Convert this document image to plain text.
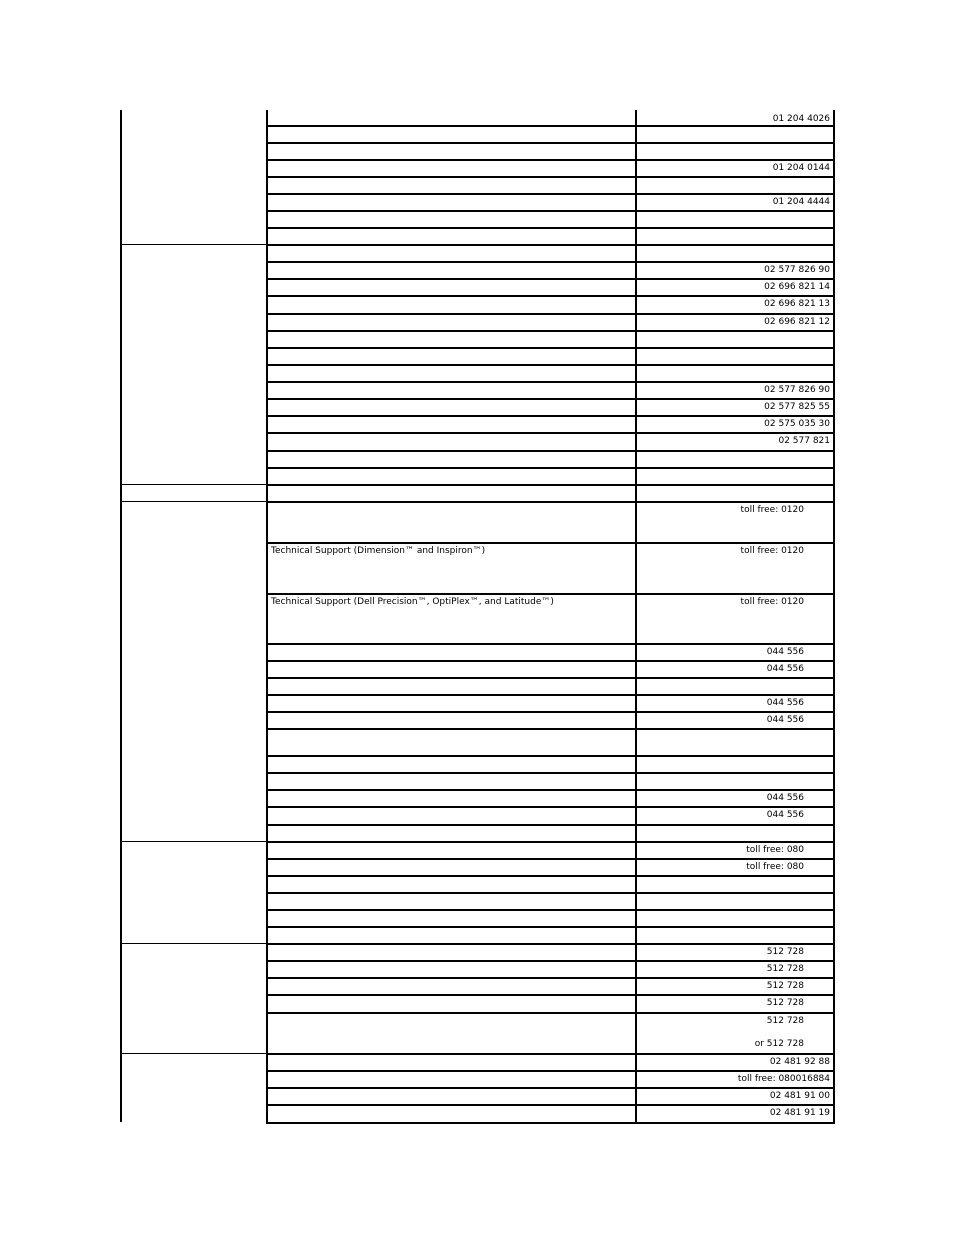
01 204 4026
01 204 0144
01 204 4444
02 577 826 90
02 696 821 14
02 696 821 13
02 696 821 12
02 577 826 90
02 577 825 55
02 575 035 30
02 577 821
toll free: 0120
Technical Support (Dimension™ and Inspiron™)	toll free: 0120
Technical Support (Dell Precision™, OptiPlex™, and Latitude™)	toll free: 0120
044 556
044 556
044 556
044 556
044 556
044 556
toll free: 080
toll free: 080
512 728
512 728
512 728
512 728
512 728
or 512 728
02 481 92 88
toll free: 080016884
02 481 91 00
02 481 91 19
